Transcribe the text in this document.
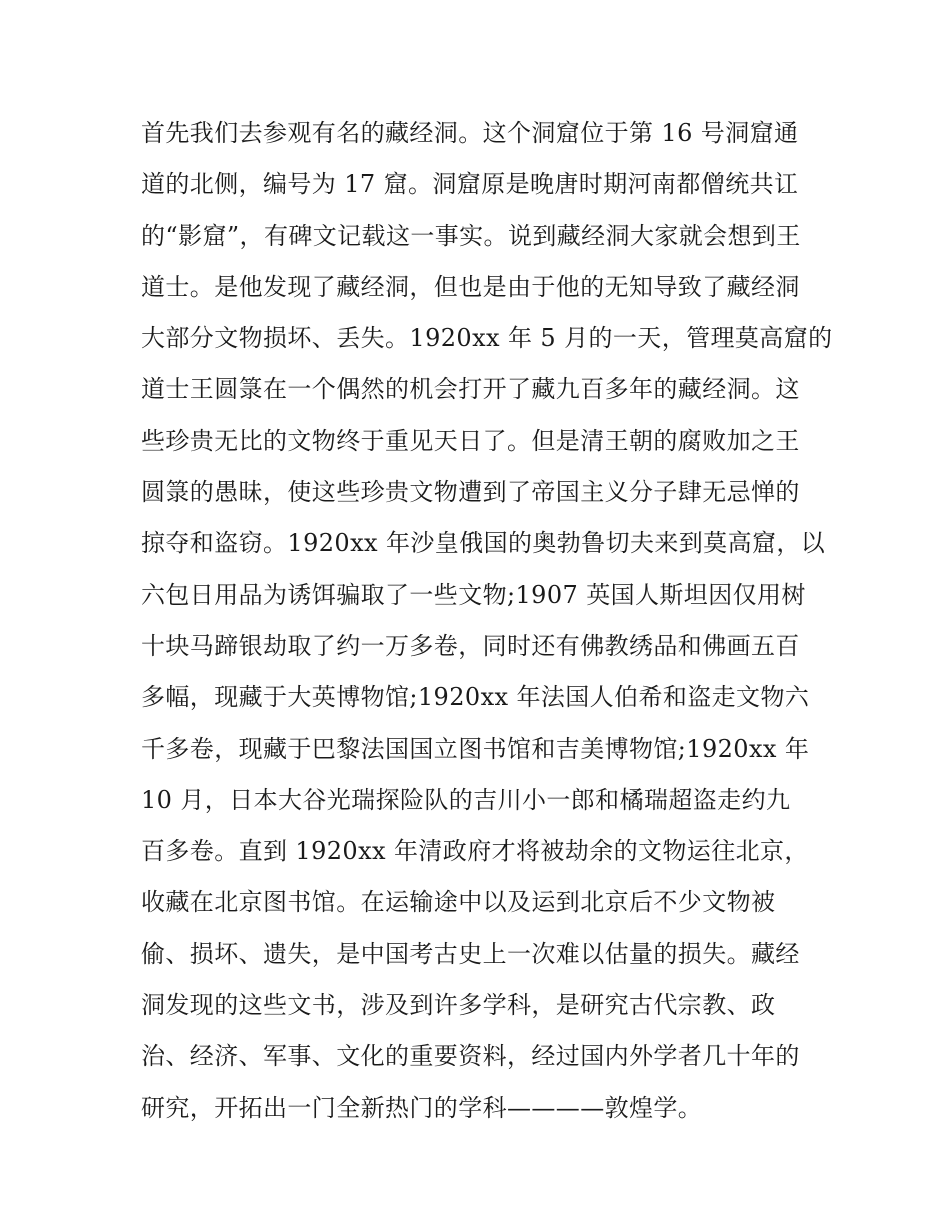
首先我们去参观有名的藏经洞。这个洞窟位于第 16 号洞窟通
道的北侧，编号为 17 窟。洞窟原是晚唐时期河南都僧统共讧
的“影窟”，有碑文记载这一事实。说到藏经洞大家就会想到王
道士。是他发现了藏经洞，但也是由于他的无知导致了藏经洞
大部分文物损坏、丢失。1920xx 年 5 月的一天，管理莫高窟的
道士王圆箓在一个偶然的机会打开了藏九百多年的藏经洞。这
些珍贵无比的文物终于重见天日了。但是清王朝的腐败加之王
圆箓的愚昧，使这些珍贵文物遭到了帝国主义分子肆无忌惮的
掠夺和盗窃。1920xx 年沙皇俄国的奥勃鲁切夫来到莫高窟，以
六包日用品为诱饵骗取了一些文物;1907 英国人斯坦因仅用树
十块马蹄银劫取了约一万多卷，同时还有佛教绣品和佛画五百
多幅，现藏于大英博物馆;1920xx 年法国人伯希和盗走文物六
千多卷，现藏于巴黎法国国立图书馆和吉美博物馆;1920xx 年
10 月，日本大谷光瑞探险队的吉川小一郎和橘瑞超盗走约九
百多卷。直到 1920xx 年清政府才将被劫余的文物运往北京，
收藏在北京图书馆。在运输途中以及运到北京后不少文物被
偷、损坏、遗失，是中国考古史上一次难以估量的损失。藏经
洞发现的这些文书，涉及到许多学科，是研究古代宗教、政
治、经济、军事、文化的重要资料，经过国内外学者几十年的
研究，开拓出一门全新热门的学科————敦煌学。
